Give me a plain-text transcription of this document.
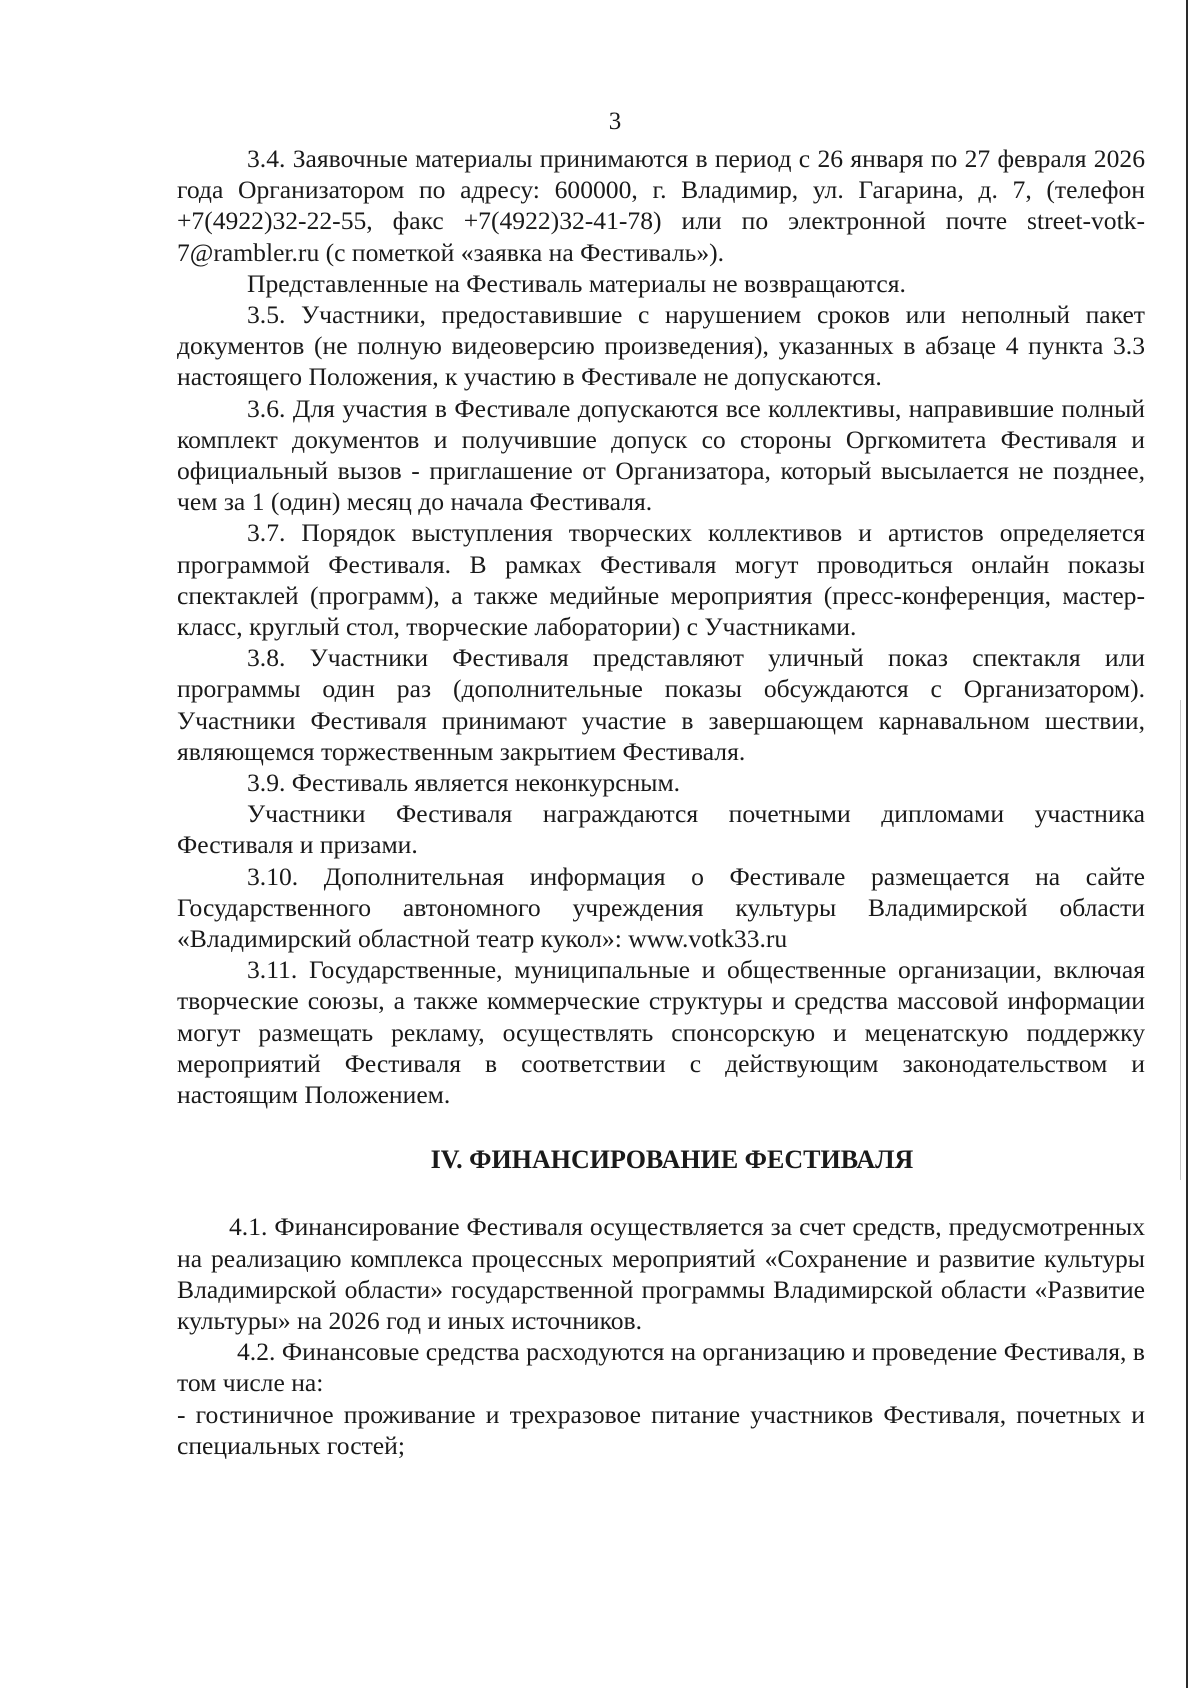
3

3.4. Заявочные материалы принимаются в период с 26 января по 27 февраля 2026 года Организатором по адресу: 600000, г. Владимир, ул. Гагарина, д. 7, (телефон +7(4922)32-22-55, факс +7(4922)32-41-78) или по электронной почте street-votk-7@rambler.ru (с пометкой «заявка на Фестиваль»).

Представленные на Фестиваль материалы не возвращаются.

3.5. Участники, предоставившие с нарушением сроков или неполный пакет документов (не полную видеоверсию произведения), указанных в абзаце 4 пункта 3.3 настоящего Положения, к участию в Фестивале не допускаются.

3.6. Для участия в Фестивале допускаются все коллективы, направившие полный комплект документов и получившие допуск со стороны Оргкомитета Фестиваля и официальный вызов - приглашение от Организатора, который высылается не позднее, чем за 1 (один) месяц до начала Фестиваля.

3.7. Порядок выступления творческих коллективов и артистов определяется программой Фестиваля. В рамках Фестиваля могут проводиться онлайн показы спектаклей (программ), а также медийные мероприятия (пресс-конференция, мастер-класс, круглый стол, творческие лаборатории) с Участниками.

3.8. Участники Фестиваля представляют уличный показ спектакля или программы один раз (дополнительные показы обсуждаются с Организатором). Участники Фестиваля принимают участие в завершающем карнавальном шествии, являющемся торжественным закрытием Фестиваля.

3.9. Фестиваль является неконкурсным.

Участники Фестиваля награждаются почетными дипломами участника Фестиваля и призами.

3.10. Дополнительная информация о Фестивале размещается на сайте Государственного автономного учреждения культуры Владимирской области «Владимирский областной театр кукол»: www.votk33.ru

3.11. Государственные, муниципальные и общественные организации, включая творческие союзы, а также коммерческие структуры и средства массовой информации могут размещать рекламу, осуществлять спонсорскую и меценатскую поддержку мероприятий Фестиваля в соответствии с действующим законодательством и настоящим Положением.

IV. ФИНАНСИРОВАНИЕ ФЕСТИВАЛЯ

4.1. Финансирование Фестиваля осуществляется за счет средств, предусмотренных на реализацию комплекса процессных мероприятий «Сохранение и развитие культуры Владимирской области» государственной программы Владимирской области «Развитие культуры» на 2026 год и иных источников.

4.2. Финансовые средства расходуются на организацию и проведение Фестиваля, в том числе на:

- гостиничное проживание и трехразовое питание участников Фестиваля, почетных и специальных гостей;
